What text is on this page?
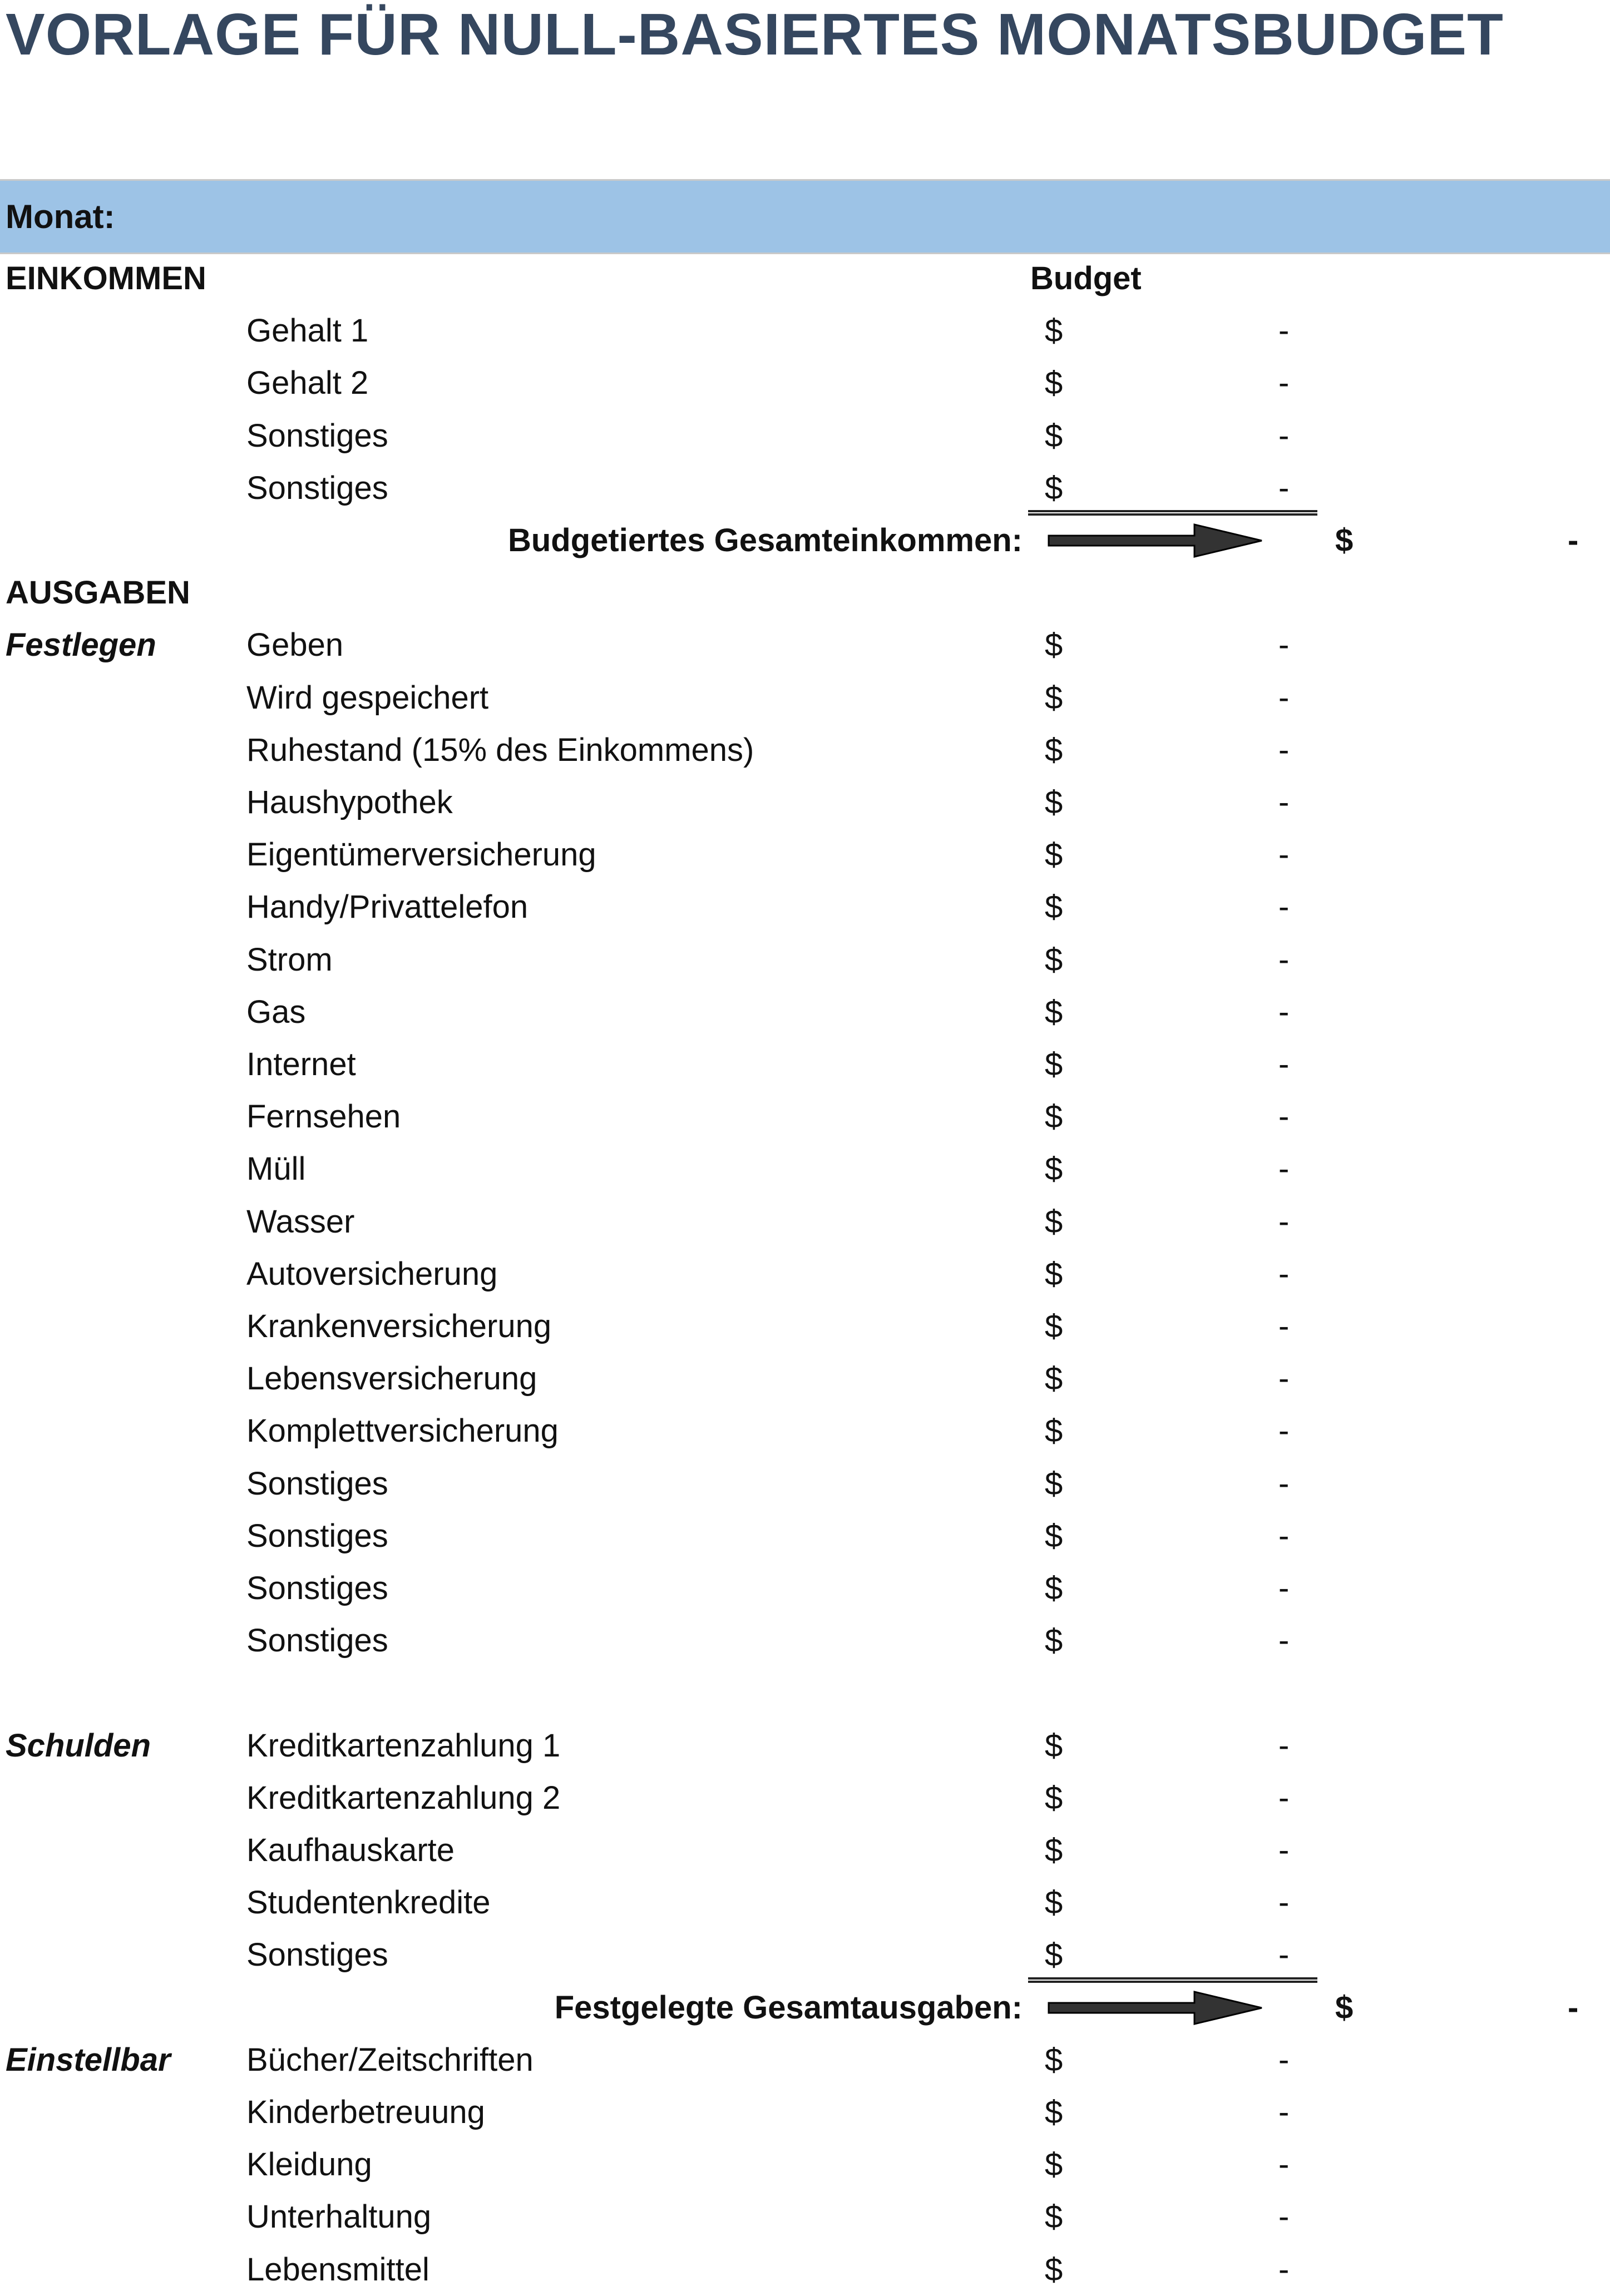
VORLAGE FÜR NULL-BASIERTES MONATSBUDGET
Monat:
EINKOMMEN	Budget
Gehalt 1	$	-
Gehalt 2	$	-
Sonstiges	$	-
Sonstiges	$	-
Budgetiertes Gesamteinkommen:	$	-
AUSGABEN
Festlegen	Geben	$	-
Wird gespeichert	$	-
Ruhestand (15% des Einkommens)	$	-
Haushypothek	$	-
Eigentümerversicherung	$	-
Handy/Privattelefon	$	-
Strom	$	-
Gas	$	-
Internet	$	-
Fernsehen	$	-
Müll	$	-
Wasser	$	-
Autoversicherung	$	-
Krankenversicherung	$	-
Lebensversicherung	$	-
Komplettversicherung	$	-
Sonstiges	$	-
Sonstiges	$	-
Sonstiges	$	-
Sonstiges	$	-
Schulden	Kreditkartenzahlung 1	$	-
Kreditkartenzahlung 2	$	-
Kaufhauskarte	$	-
Studentenkredite	$	-
Sonstiges	$	-
Festgelegte Gesamtausgaben:	$	-
Einstellbar Bücher/Zeitschriften	$	-
Kinderbetreuung	$	-
Kleidung	$	-
Unterhaltung	$	-
Lebensmittel	$	-
